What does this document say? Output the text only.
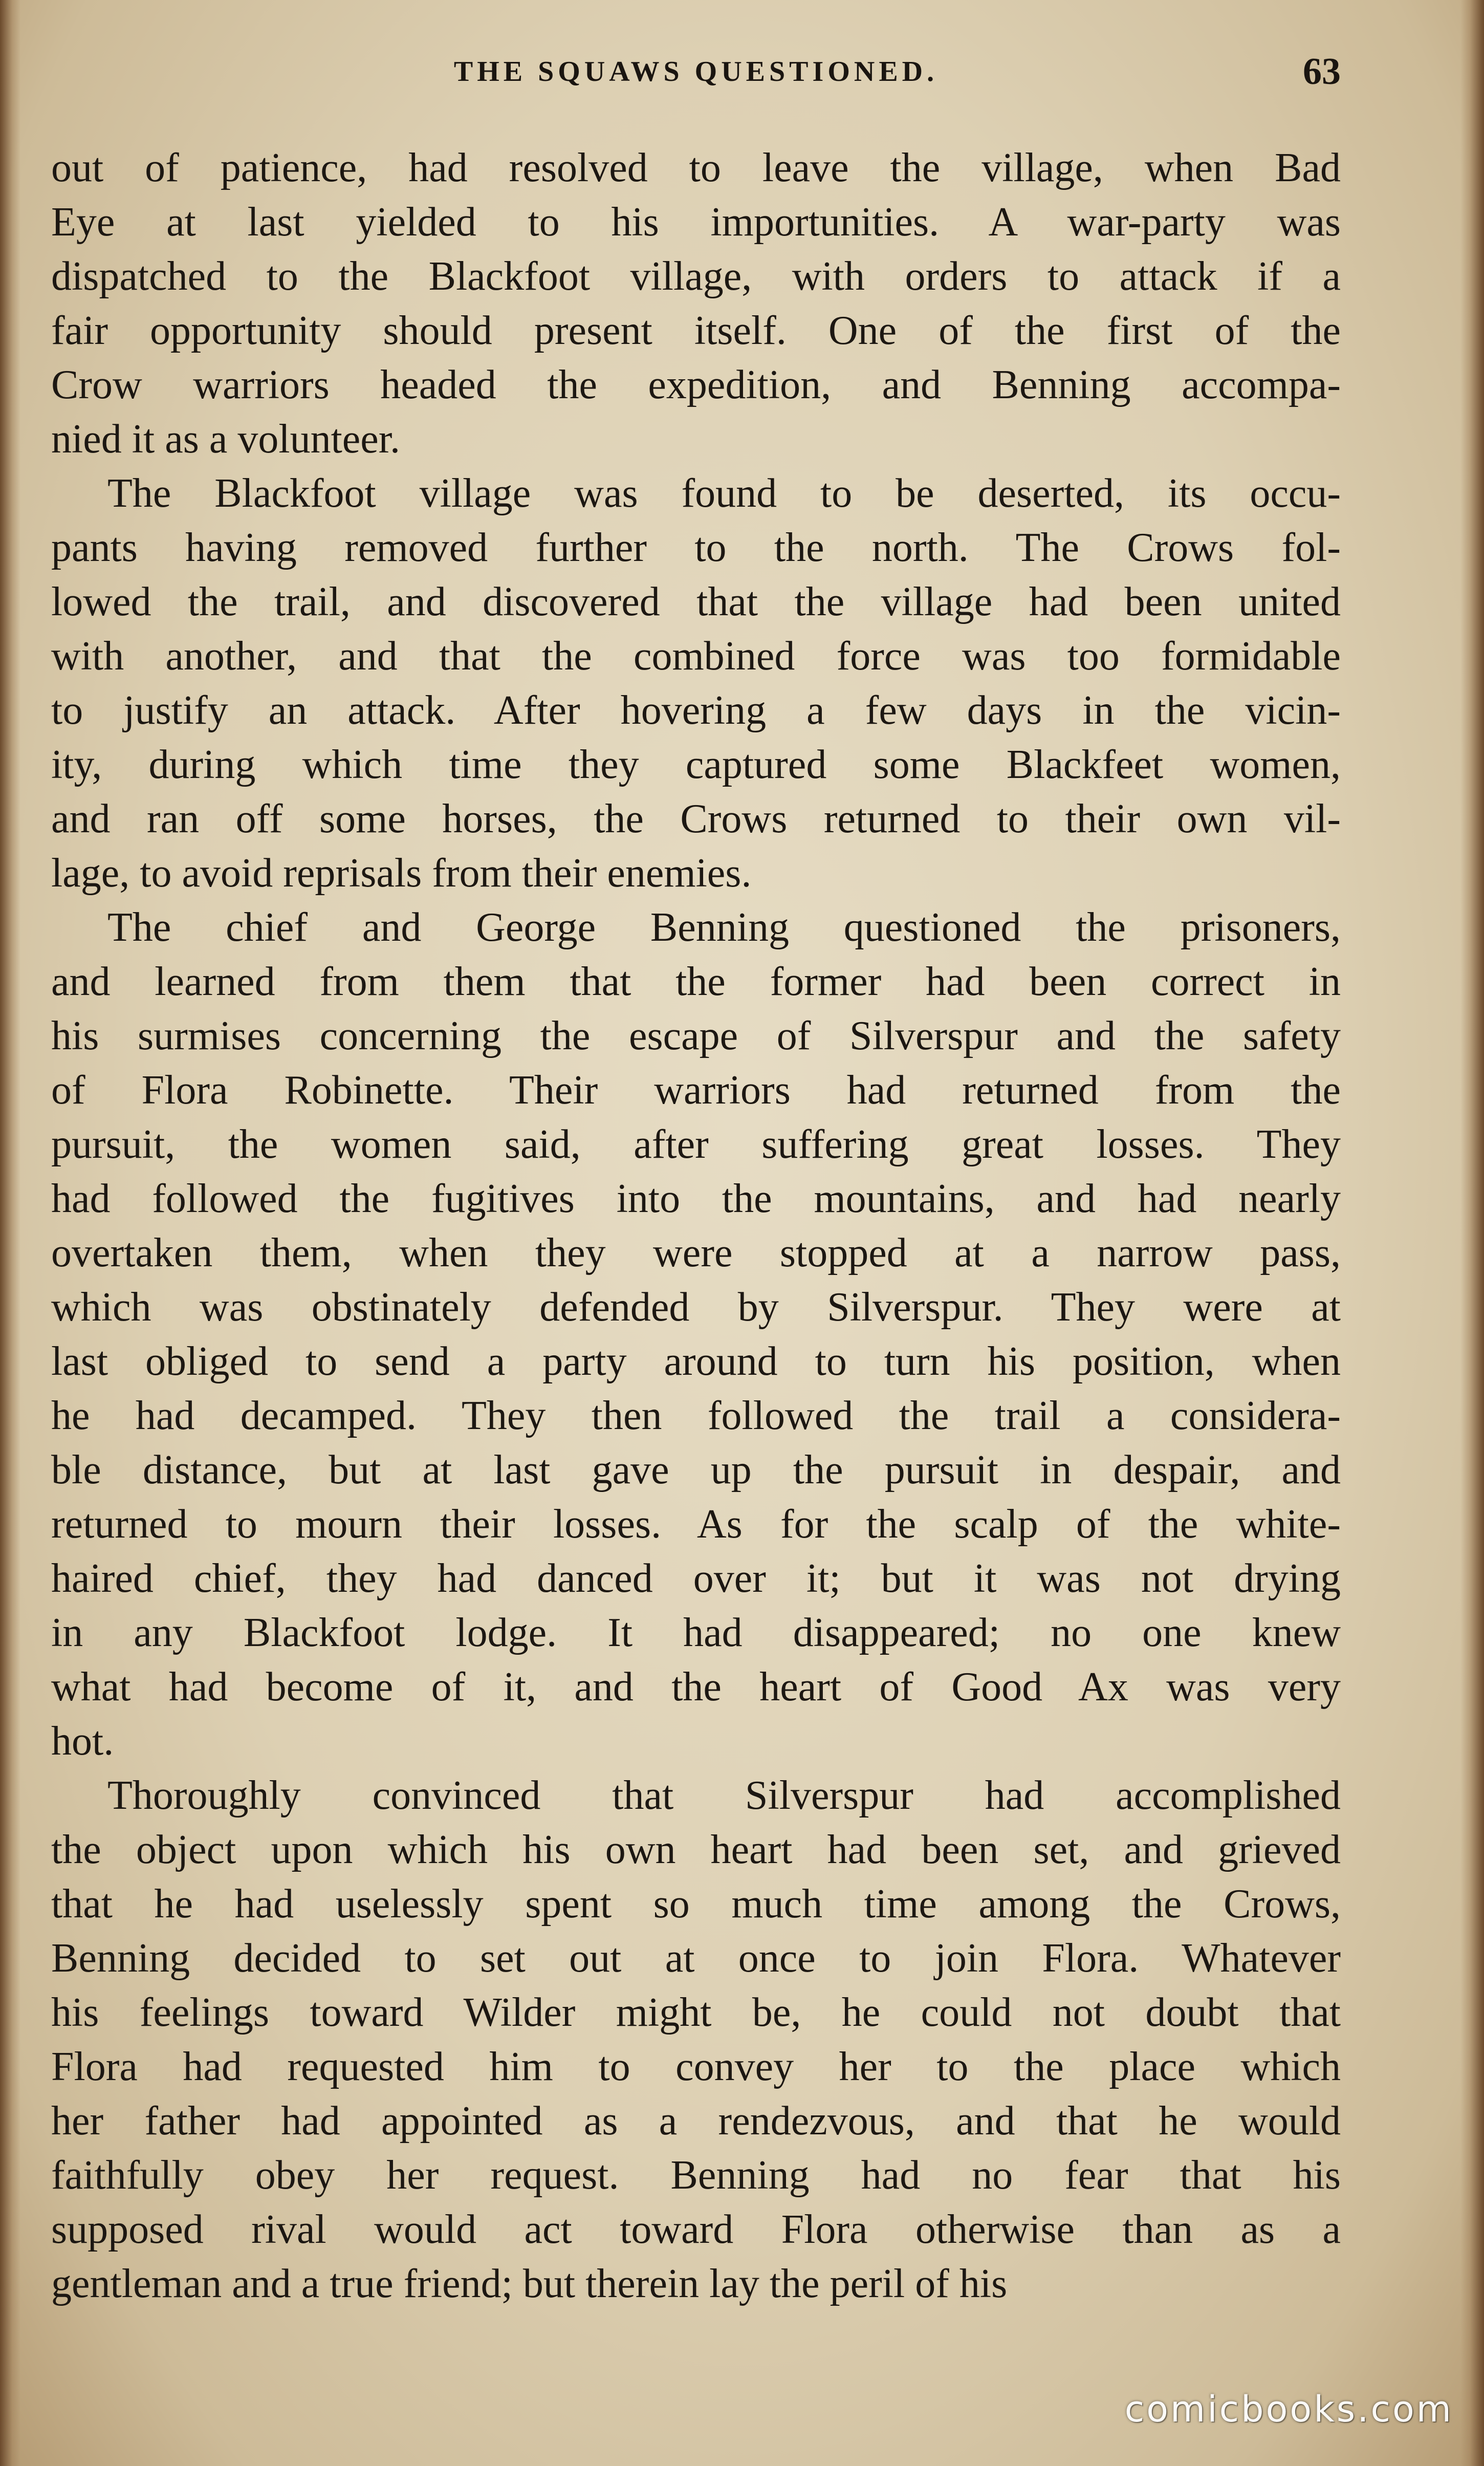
THE SQUAWS QUESTIONED.	63
out of patience, had resolved to leave the village, when Bad
Eye at last yielded to his importunities. A war-party was
dispatched to the Blackfoot village, with orders to attack if a
fair opportunity should present itself. One of the first of the
Crow warriors headed the expedition, and Benning accompa-
nied it as a volunteer.
The Blackfoot village was found to be deserted, its occu-
pants having removed further to the north. The Crows fol-
lowed the trail, and discovered that the village had been united
with another, and that the combined force was too formidable
to justify an attack. After hovering a few days in the vicin-
ity, during which time they captured some Blackfeet women,
and ran off some horses, the Crows returned to their own vil-
lage, to avoid reprisals from their enemies.
The chief and George Benning questioned the prisoners,
and learned from them that the former had been correct in
his surmises concerning the escape of Silverspur and the safety
of Flora Robinette. Their warriors had returned from the
pursuit, the women said, after suffering great losses. They
had followed the fugitives into the mountains, and had nearly
overtaken them, when they were stopped at a narrow pass,
which was obstinately defended by Silverspur. They were at
last obliged to send a party around to turn his position, when
he had decamped. They then followed the trail a considera-
ble distance, but at last gave up the pursuit in despair, and
returned to mourn their losses. As for the scalp of the white-
haired chief, they had danced over it; but it was not drying
in any Blackfoot lodge. It had disappeared; no one knew
what had become of it, and the heart of Good Ax was very
hot.
Thoroughly convinced that Silverspur had accomplished
the object upon which his own heart had been set, and grieved
that he had uselessly spent so much time among the Crows,
Benning decided to set out at once to join Flora. Whatever
his feelings toward Wilder might be, he could not doubt that
Flora had requested him to convey her to the place which
her father had appointed as a rendezvous, and that he would
faithfully obey her request. Benning had no fear that his
supposed rival would act toward Flora otherwise than as a
gentleman and a true friend; but therein lay the peril of his
comicbooks.com
